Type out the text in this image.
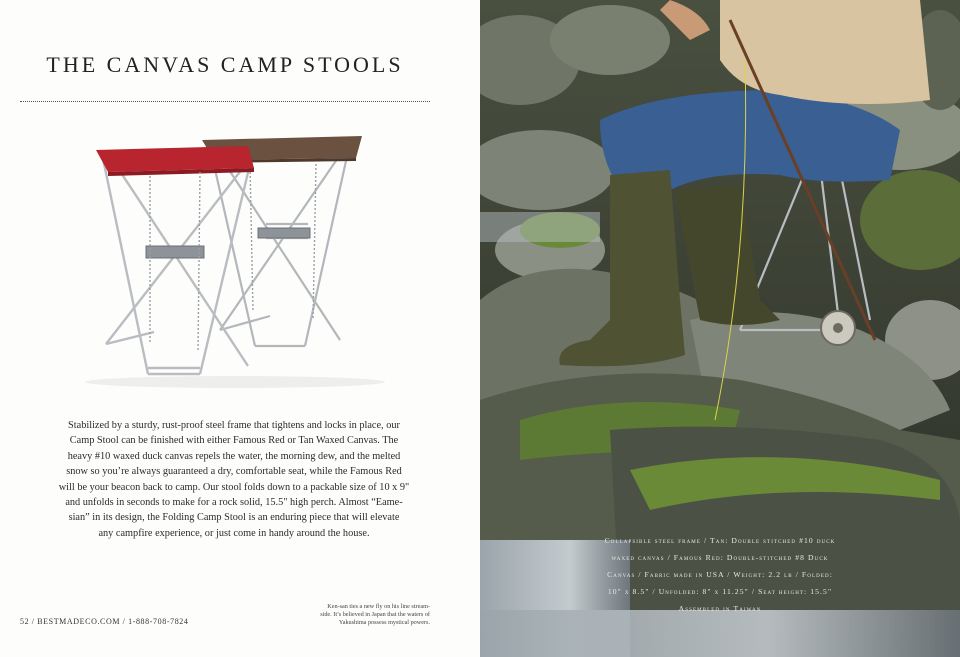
THE CANVAS CAMP STOOLS
Stabilized by a sturdy, rust-proof steel frame that tightens and locks in place, our
Camp Stool can be finished with either Famous Red or Tan Waxed Canvas. The
heavy #10 waxed duck canvas repels the water, the morning dew, and the melted
snow so you’re always guaranteed a dry, comfortable seat, while the Famous Red
will be your beacon back to camp. Our stool folds down to a packable size of 10 x 9"
and unfolds in seconds to make for a rock solid, 15.5" high perch. Almost “Eame-
sian” in its design, the Folding Camp Stool is an enduring piece that will elevate
any campfire experience, or just come in handy around the house.
52 / BESTMADECO.COM / 1-888-708-7824
Ken-san ties a new fly on his line stream-
side. It’s believed in Japan that the waters of
Yakushima possess mystical powers.
Collapsible steel frame / Tan: Double stitched #10 duck
waxed canvas / Famous Red: Double-stitched #8 Duck
Canvas / Fabric made in USA / Weight: 2.2 lb / Folded:
10" x 8.5" / Unfolded: 8" x 11.25" / Seat height: 15.5"
Assembled in Taiwan
